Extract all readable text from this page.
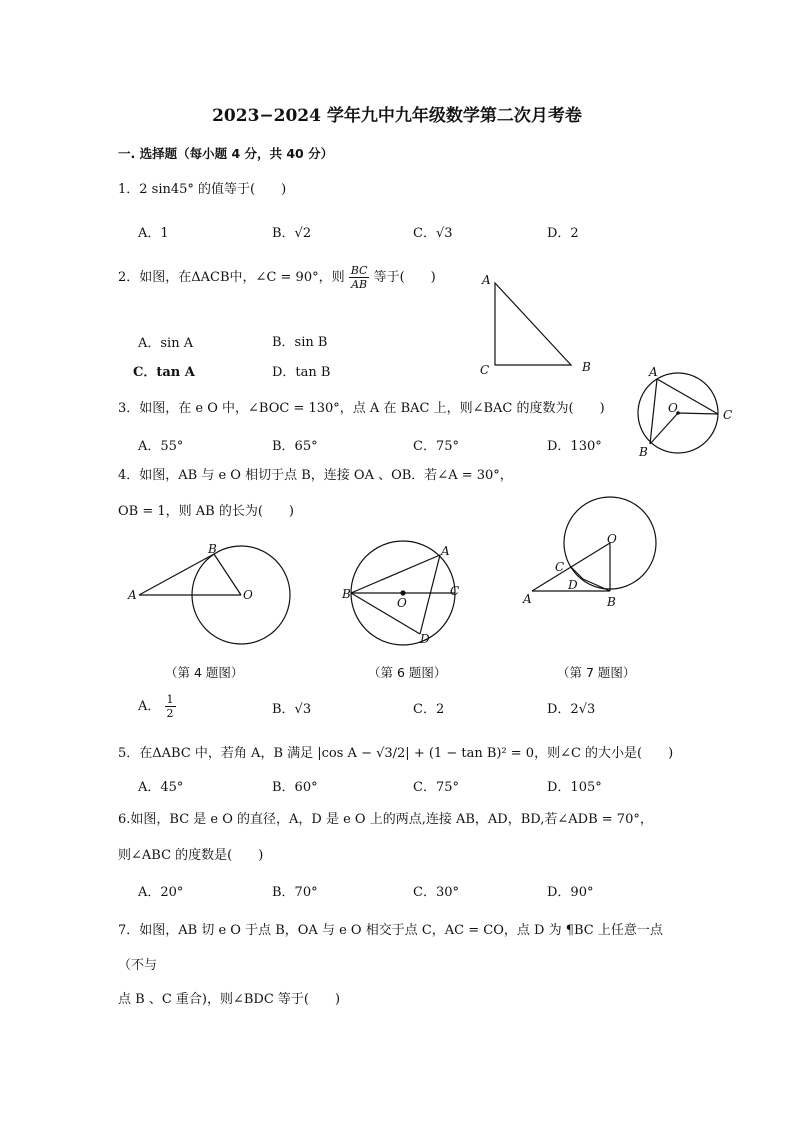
2023−2024 学年九中九年级数学第二次月考卷
一. 选择题（每小题 4 分，共 40 分）
1．2 sin45° 的值等于(　　)
A．1	B．√2	C．√3	D．2
2．如图，在ΔACB中，∠C = 90°，则 $\frac{BC}{AB}$ 等于(　　)
A．sin A	B．sin B
C．tan A	D．tan B
A
C	B
3．如图，在 e O 中，∠BOC = 130°，点 A 在 BAC 上，则∠BAC 的度数为(　　)
A．55°	B．65°	C．75°	D．130°
A
O	C
B
4．如图，AB 与 e O 相切于点 B，连接 OA 、OB．若∠A = 30°，
OB = 1，则 AB 的长为(　　)
A
B
O
A
B	C
O
D
O
C
D
A	B
（第 4 题图）	（第 6 题图）	（第 7 题图）
A． $\frac{1}{2}$	B．√3	C．2	D．2√3
5．在ΔABC 中，若角 A，B 满足 |cos A − √3/2| + (1 − tan B)² = 0，则∠C 的大小是(　　)
A．45°	B．60°	C．75°	D．105°
6.如图，BC 是 e O 的直径，A，D 是 e O 上的两点,连接 AB，AD，BD,若∠ADB = 70°，
则∠ABC 的度数是(　　)
A．20°	B．70°	C．30°	D．90°
7．如图，AB 切 e O 于点 B，OA 与 e O 相交于点 C，AC = CO，点 D 为 ¶BC 上任意一点
（不与
点 B 、C 重合)，则∠BDC 等于(　　)
